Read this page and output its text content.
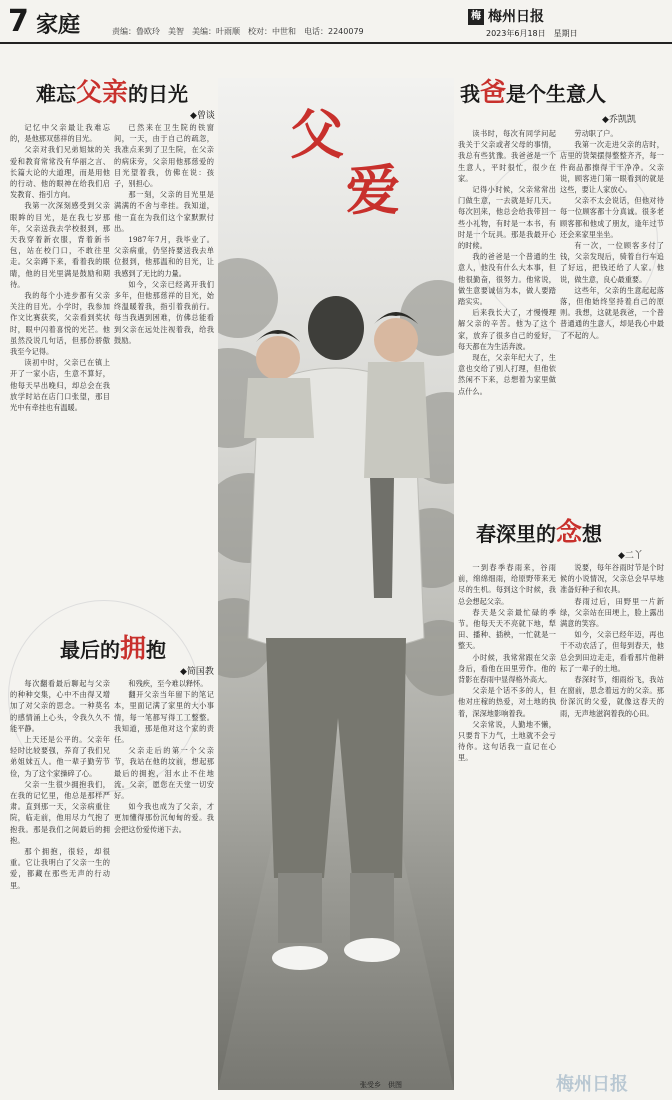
7 家庭	责编：鲁欧玲　美智　美编：叶雨顺　校对：中世和　电话：2240079
梅 梅州日报
2023年6月18日　星期日
父
爱
难忘父亲的日光
◆曾谈

记忆中父亲最让我难忘的，是他那双慈祥的目光。

父亲对我们兄弟姐妹的关爱和教育常常没有华丽之言、长篇大论的大道理，而是用他的行动、他的眼神在给我们启发教育、指引方向。

我第一次深刻感受到父亲眼眸的目光，是在我七岁那年，父亲送我去学校报到，那天我穿着新衣服，背着新书包，站在校门口，不敢往里走。父亲蹲下来，看着我的眼睛，他的目光里满是鼓励和期待。

我的每个小进步都有父亲关注的目光。小学时，我参加作文比赛获奖，父亲看到奖状时，眼中闪着喜悦的光芒。他虽然没说几句话，但那份骄傲我至今记得。

读初中时，父亲已在镇上开了一家小店，生意不算好，他每天早出晚归，却总会在我放学时站在店门口张望，那目光中有牵挂也有温暖。

已然来在卫生院的铁窗间，一天，由于自己的疏忽，我准点来到了卫生院，在父亲的病床旁，父亲用他那慈爱的目光望着我，仿佛在说：孩子，别担心。

那一刻，父亲的目光里是满满的不舍与牵挂。我知道，他一直在为我们这个家默默付出。

1987年7月，我毕业了。父亲病重，仍坚持要送我去单位报到，他那温和的目光，让我感到了无比的力量。

如今，父亲已经离开我们多年，但他那慈祥的目光，始终温暖着我，指引着我前行。每当我遇到困难，仿佛总能看到父亲在远处注视着我，给我鼓励。

我爸是个生意人
◆乔凯凯

读书时，每次有同学问起我关于父亲或者父母的事情，我总有些犹豫。我爸爸是一个生意人，平时很忙，很少在家。

记得小时候，父亲常常出门做生意，一去就是好几天。每次回来，他总会给我带回一些小礼物，有时是一本书，有时是一个玩具。那是我最开心的时候。

我的爸爸是一个普通的生意人，他没有什么大本事，但他很勤奋，很努力。他常说，做生意要诚信为本，做人要踏踏实实。

后来我长大了，才慢慢理解父亲的辛苦。他为了这个家，放弃了很多自己的爱好，每天都在为生活奔波。

现在，父亲年纪大了，生意也交给了别人打理，但他依然闲不下来，总想着为家里做点什么。

劳动职了户。

我第一次走进父亲的店时，店里的货架摆得整整齐齐，每一件商品都擦得干干净净。父亲说，顾客进门第一眼看到的就是这些，要让人家放心。

父亲不太会说话，但他对待每一位顾客都十分真诚。很多老顾客都和他成了朋友，逢年过节还会来家里坐坐。

有一次，一位顾客多付了钱，父亲发现后，骑着自行车追了好远，把钱还给了人家。他说，做生意，良心最重要。

这些年，父亲的生意起起落落，但他始终坚持着自己的原则。我想，这就是我爸，一个普普通通的生意人，却是我心中最了不起的人。

春深里的念想
◆二丫

一到春季春雨来，谷雨前，绵绵细雨，给原野带来无尽的生机。每到这个时候，我总会想起父亲。

春天是父亲最忙碌的季节。他每天天不亮就下地，犁田、播种、插秧，一忙就是一整天。

小时候，我常常跟在父亲身后，看他在田里劳作。他的背影在春雨中显得格外高大。

父亲是个话不多的人，但他对庄稼的热爱，对土地的执着，深深地影响着我。

父亲常说，人勤地不懒，只要肯下力气，土地就不会亏待你。这句话我一直记在心里。

说要，每年谷雨时节是个时候的小说情况，父亲总会早早地准备好种子和农具。

春雨过后，田野里一片新绿，父亲站在田埂上，脸上露出满意的笑容。

如今，父亲已经年迈，再也干不动农活了，但每到春天，他总会到田边走走，看看那片他耕耘了一辈子的土地。

春深时节，细雨纷飞，我站在窗前，思念着远方的父亲。那份深沉的父爱，就像这春天的雨，无声地滋润着我的心田。

最后的拥抱
◆简国教

每次翻看最后聊起与父亲的种种交集，心中不由得又增加了对父亲的思念。一种莫名的感情涌上心头，令我久久不能平静。

上天还是公平的。父亲年轻时比较要强，养育了我们兄弟姐妹五人。他一辈子勤劳节俭，为了这个家操碎了心。

父亲一生很少拥抱我们，在我的记忆里，他总是那样严肃。直到那一天，父亲病重住院，临走前，他用尽力气抱了抱我。那是我们之间最后的拥抱。

那个拥抱，很轻，却很重。它让我明白了父亲一生的爱，都藏在那些无声的行动里。

和残疾，至今难以释怀。

翻开父亲当年留下的笔记本，里面记满了家里的大小事情，每一笔都写得工工整整。我知道，那是他对这个家的责任。

父亲走后的第一个父亲节，我站在他的坟前，想起那最后的拥抱，泪水止不住地流。父亲，愿您在天堂一切安好。

如今我也成为了父亲，才更加懂得那份沉甸甸的爱。我会把这份爱传递下去。

张受乡　供图	梅州日报
